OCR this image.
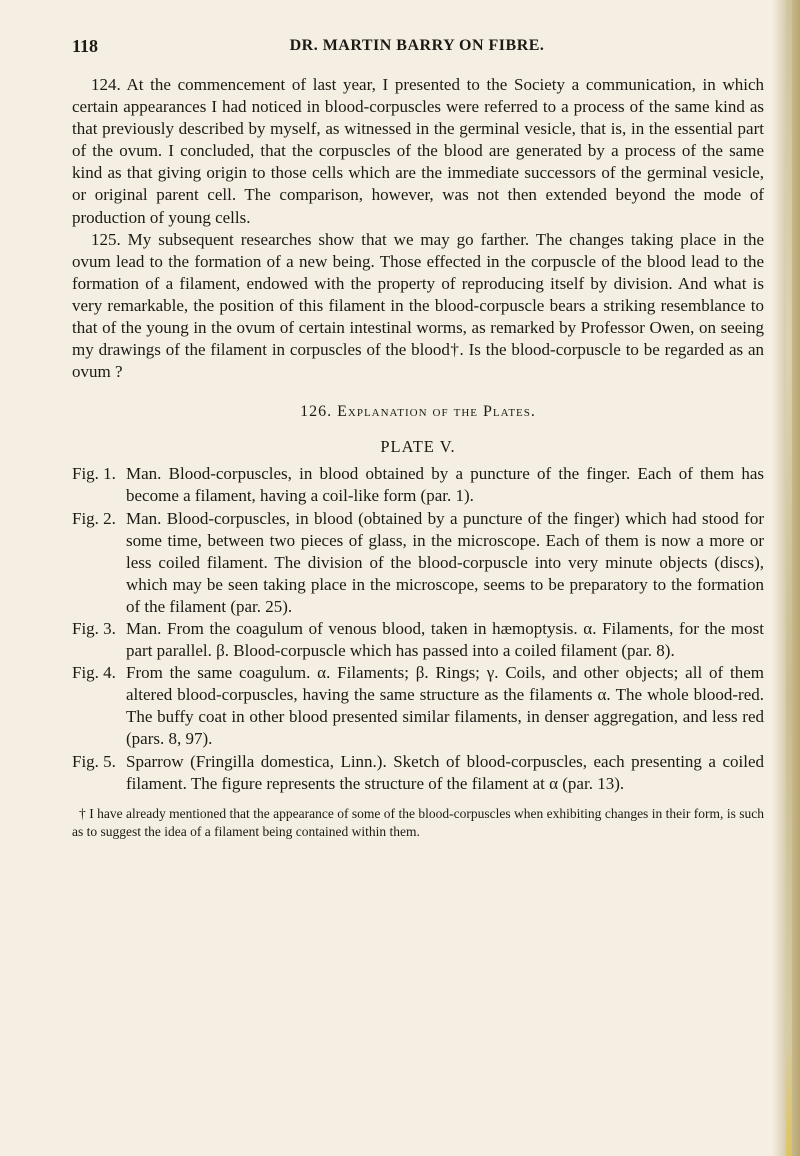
118	DR. MARTIN BARRY ON FIBRE.

124. At the commencement of last year, I presented to the Society a communication, in which certain appearances I had noticed in blood-corpuscles were referred to a process of the same kind as that previously described by myself, as witnessed in the germinal vesicle, that is, in the essential part of the ovum. I concluded, that the corpuscles of the blood are generated by a process of the same kind as that giving origin to those cells which are the immediate successors of the germinal vesicle, or original parent cell. The comparison, however, was not then extended beyond the mode of production of young cells.

125. My subsequent researches show that we may go farther. The changes taking place in the ovum lead to the formation of a new being. Those effected in the corpuscle of the blood lead to the formation of a filament, endowed with the property of reproducing itself by division. And what is very remarkable, the position of this filament in the blood-corpuscle bears a striking resemblance to that of the young in the ovum of certain intestinal worms, as remarked by Professor Owen, on seeing my drawings of the filament in corpuscles of the blood†. Is the blood-corpuscle to be regarded as an ovum ?

126. Explanation of the Plates.

PLATE V.

Fig. 1. Man. Blood-corpuscles, in blood obtained by a puncture of the finger. Each of them has become a filament, having a coil-like form (par. 1).
Fig. 2. Man. Blood-corpuscles, in blood (obtained by a puncture of the finger) which had stood for some time, between two pieces of glass, in the microscope. Each of them is now a more or less coiled filament. The division of the blood-corpuscle into very minute objects (discs), which may be seen taking place in the microscope, seems to be preparatory to the formation of the filament (par. 25).
Fig. 3. Man. From the coagulum of venous blood, taken in hæmoptysis. α. Filaments, for the most part parallel. β. Blood-corpuscle which has passed into a coiled filament (par. 8).
Fig. 4. From the same coagulum. α. Filaments; β. Rings; γ. Coils, and other objects; all of them altered blood-corpuscles, having the same structure as the filaments α. The whole blood-red. The buffy coat in other blood presented similar filaments, in denser aggregation, and less red (pars. 8, 97).
Fig. 5. Sparrow (Fringilla domestica, Linn.). Sketch of blood-corpuscles, each presenting a coiled filament. The figure represents the structure of the filament at α (par. 13).

† I have already mentioned that the appearance of some of the blood-corpuscles when exhibiting changes in their form, is such as to suggest the idea of a filament being contained within them.
